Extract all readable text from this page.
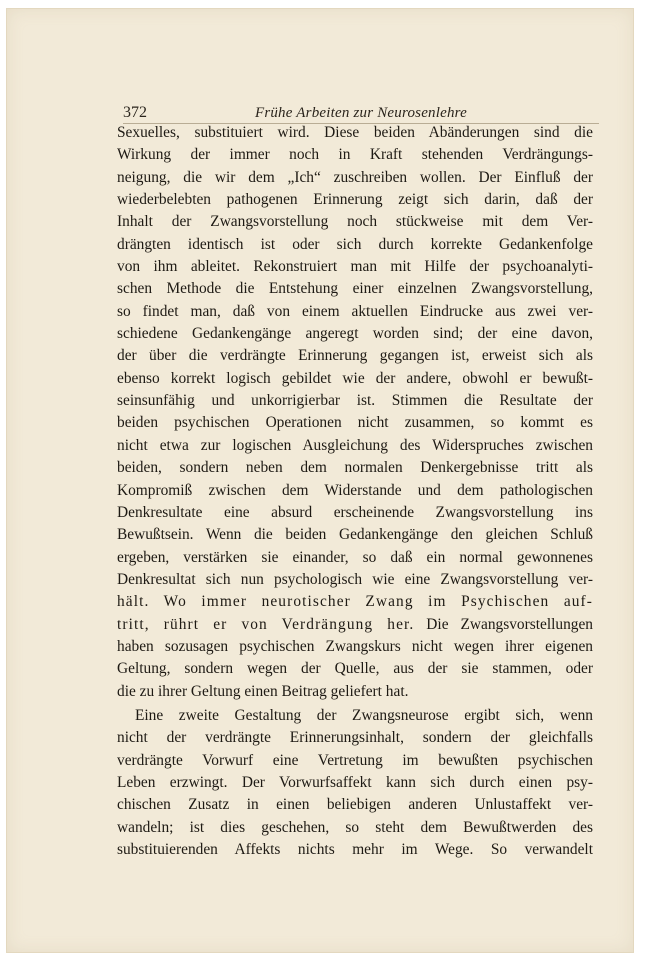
372	Frühe Arbeiten zur Neurosenlehre
Sexuelles, substituiert wird. Diese beiden Abänderungen sind die
Wirkung der immer noch in Kraft stehenden Verdrängungs-
neigung, die wir dem „Ich“ zuschreiben wollen. Der Einfluß der
wiederbelebten pathogenen Erinnerung zeigt sich darin, daß der
Inhalt der Zwangsvorstellung noch stückweise mit dem Ver-
drängten identisch ist oder sich durch korrekte Gedankenfolge
von ihm ableitet. Rekonstruiert man mit Hilfe der psychoanalyti-
schen Methode die Entstehung einer einzelnen Zwangsvorstellung,
so findet man, daß von einem aktuellen Eindrucke aus zwei ver-
schiedene Gedankengänge angeregt worden sind; der eine davon,
der über die verdrängte Erinnerung gegangen ist, erweist sich als
ebenso korrekt logisch gebildet wie der andere, obwohl er bewußt-
seinsunfähig und unkorrigierbar ist. Stimmen die Resultate der
beiden psychischen Operationen nicht zusammen, so kommt es
nicht etwa zur logischen Ausgleichung des Widerspruches zwischen
beiden, sondern neben dem normalen Denkergebnisse tritt als
Kompromiß zwischen dem Widerstande und dem pathologischen
Denkresultate eine absurd erscheinende Zwangsvorstellung ins
Bewußtsein. Wenn die beiden Gedankengänge den gleichen Schluß
ergeben, verstärken sie einander, so daß ein normal gewonnenes
Denkresultat sich nun psychologisch wie eine Zwangsvorstellung ver-
hält. Wo immer neurotischer Zwang im Psychischen auf-
tritt, rührt er von Verdrängung her. Die Zwangsvorstellungen
haben sozusagen psychischen Zwangskurs nicht wegen ihrer eigenen
Geltung, sondern wegen der Quelle, aus der sie stammen, oder
die zu ihrer Geltung einen Beitrag geliefert hat.
Eine zweite Gestaltung der Zwangsneurose ergibt sich, wenn
nicht der verdrängte Erinnerungsinhalt, sondern der gleichfalls
verdrängte Vorwurf eine Vertretung im bewußten psychischen
Leben erzwingt. Der Vorwurfsaffekt kann sich durch einen psy-
chischen Zusatz in einen beliebigen anderen Unlustaffekt ver-
wandeln; ist dies geschehen, so steht dem Bewußtwerden des
substituierenden Affekts nichts mehr im Wege. So verwandelt
